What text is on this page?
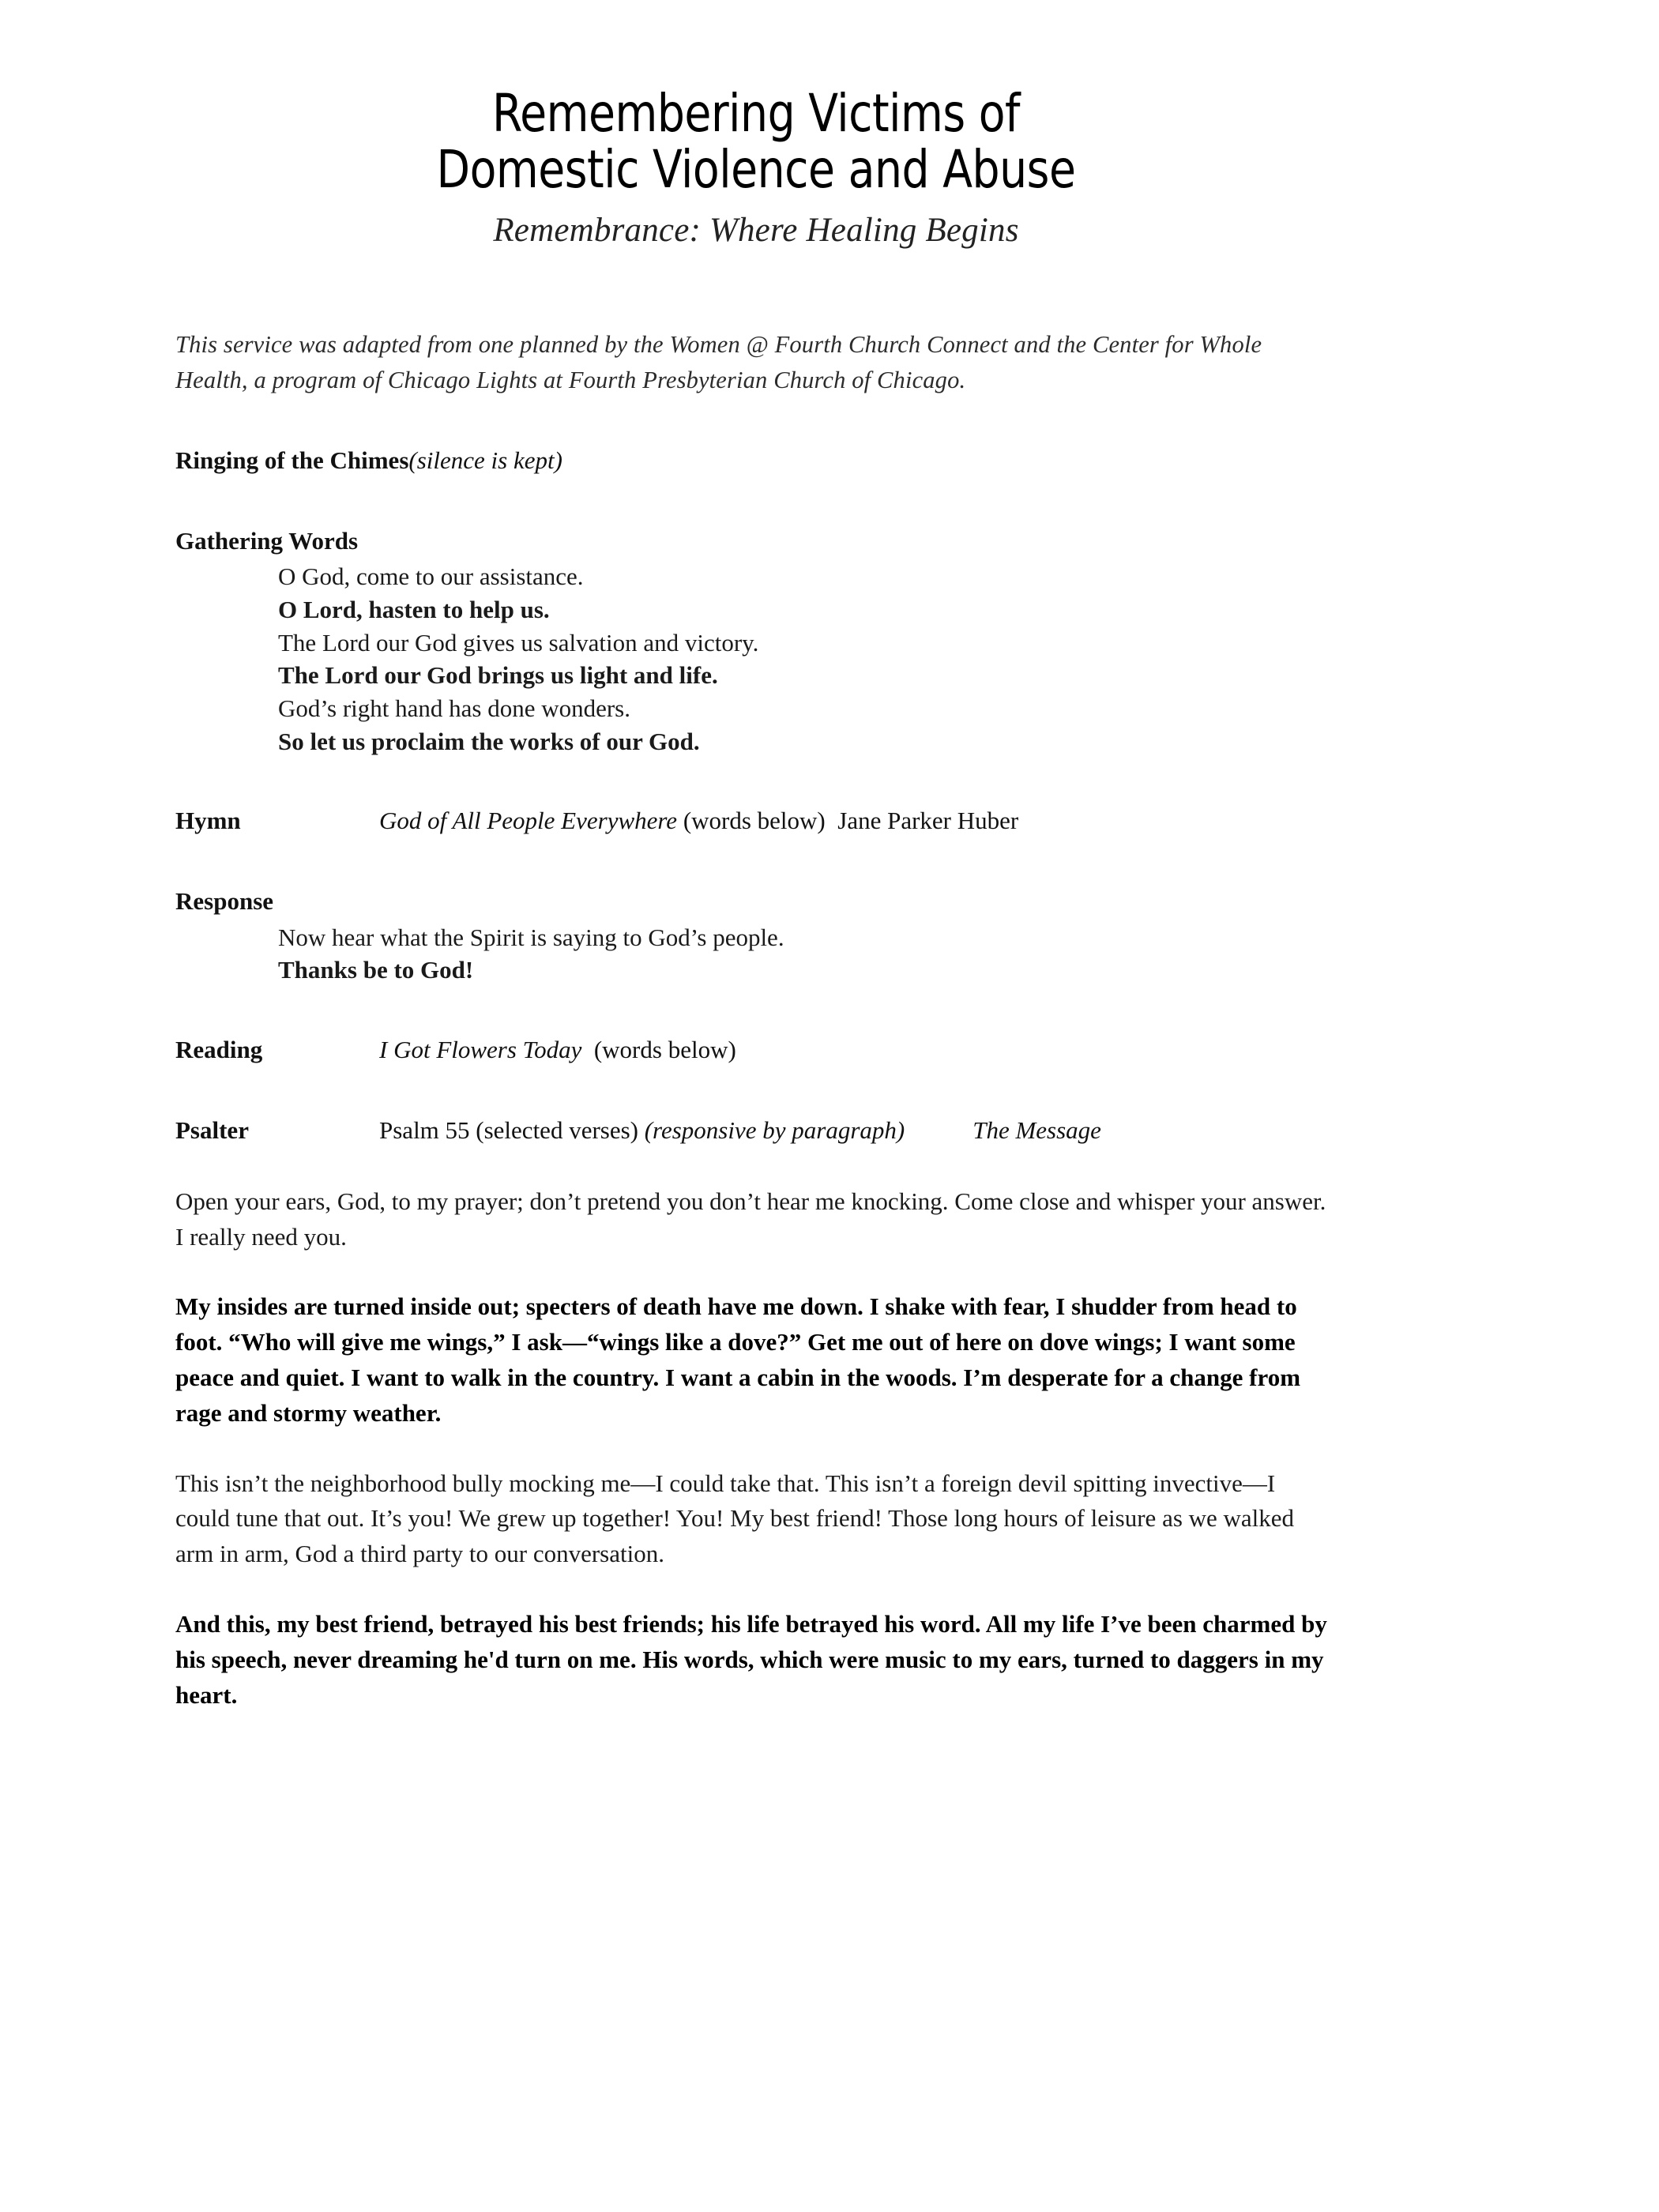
Remembering Victims of
Domestic Violence and Abuse
Remembrance: Where Healing Begins

This service was adapted from one planned by the Women @ Fourth Church Connect and the Center for Whole Health, a program of Chicago Lights at Fourth Presbyterian Church of Chicago.

Ringing of the Chimes(silence is kept)
Gathering Words
O God, come to our assistance.
O Lord, hasten to help us.
The Lord our God gives us salvation and victory.
The Lord our God brings us light and life.
God’s right hand has done wonders.
So let us proclaim the works of our God.
Hymn	God of All People Everywhere (words below) Jane Parker Huber
Response
Now hear what the Spirit is saying to God’s people.
Thanks be to God!
Reading	I Got Flowers Today (words below)
Psalter	Psalm 55 (selected verses) (responsive by paragraph)	The Message

Open your ears, God, to my prayer; don’t pretend you don’t hear me knocking. Come close and whisper your answer. I really need you.

My insides are turned inside out; specters of death have me down. I shake with fear, I shudder from head to foot. “Who will give me wings,” I ask—“wings like a dove?” Get me out of here on dove wings; I want some peace and quiet. I want to walk in the country. I want a cabin in the woods. I’m desperate for a change from rage and stormy weather.

This isn’t the neighborhood bully mocking me—I could take that. This isn’t a foreign devil spitting invective—I could tune that out. It’s you! We grew up together! You! My best friend! Those long hours of leisure as we walked arm in arm, God a third party to our conversation.

And this, my best friend, betrayed his best friends; his life betrayed his word. All my life I’ve been charmed by his speech, never dreaming he'd turn on me. His words, which were music to my ears, turned to daggers in my heart.
